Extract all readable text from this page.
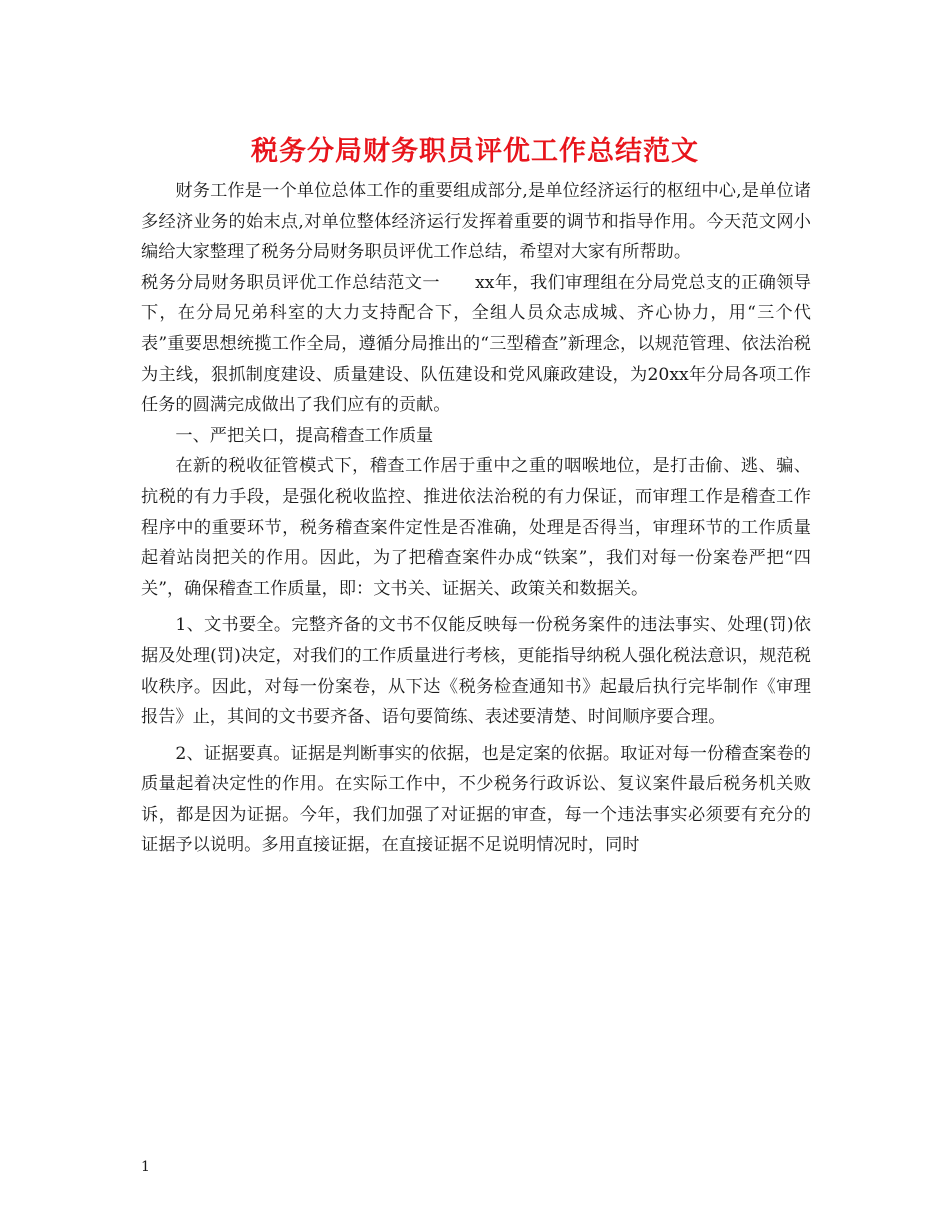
税务分局财务职员评优工作总结范文

财务工作是一个单位总体工作的重要组成部分,是单位经济运行的枢纽中心,是单位诸多经济业务的始末点,对单位整体经济运行发挥着重要的调节和指导作用。今天范文网小编给大家整理了税务分局财务职员评优工作总结，希望对大家有所帮助。

税务分局财务职员评优工作总结范文一　　xx年，我们审理组在分局党总支的正确领导下，在分局兄弟科室的大力支持配合下，全组人员众志成城、齐心协力，用“三个代表”重要思想统揽工作全局，遵循分局推出的“三型稽查”新理念，以规范管理、依法治税为主线，狠抓制度建设、质量建设、队伍建设和党风廉政建设，为20xx年分局各项工作任务的圆满完成做出了我们应有的贡献。

一、严把关口，提高稽查工作质量

在新的税收征管模式下，稽查工作居于重中之重的咽喉地位，是打击偷、逃、骗、抗税的有力手段，是强化税收监控、推进依法治税的有力保证，而审理工作是稽查工作程序中的重要环节，税务稽查案件定性是否准确，处理是否得当，审理环节的工作质量起着站岗把关的作用。因此，为了把稽查案件办成“铁案”，我们对每一份案卷严把“四关”，确保稽查工作质量，即：文书关、证据关、政策关和数据关。

1、文书要全。完整齐备的文书不仅能反映每一份税务案件的违法事实、处理(罚)依据及处理(罚)决定，对我们的工作质量进行考核，更能指导纳税人强化税法意识，规范税收秩序。因此，对每一份案卷，从下达《税务检查通知书》起最后执行完毕制作《审理报告》止，其间的文书要齐备、语句要简练、表述要清楚、时间顺序要合理。

2、证据要真。证据是判断事实的依据，也是定案的依据。取证对每一份稽查案卷的质量起着决定性的作用。在实际工作中，不少税务行政诉讼、复议案件最后税务机关败诉，都是因为证据。今年，我们加强了对证据的审查，每一个违法事实必须要有充分的证据予以说明。多用直接证据，在直接证据不足说明情况时，同时

1
